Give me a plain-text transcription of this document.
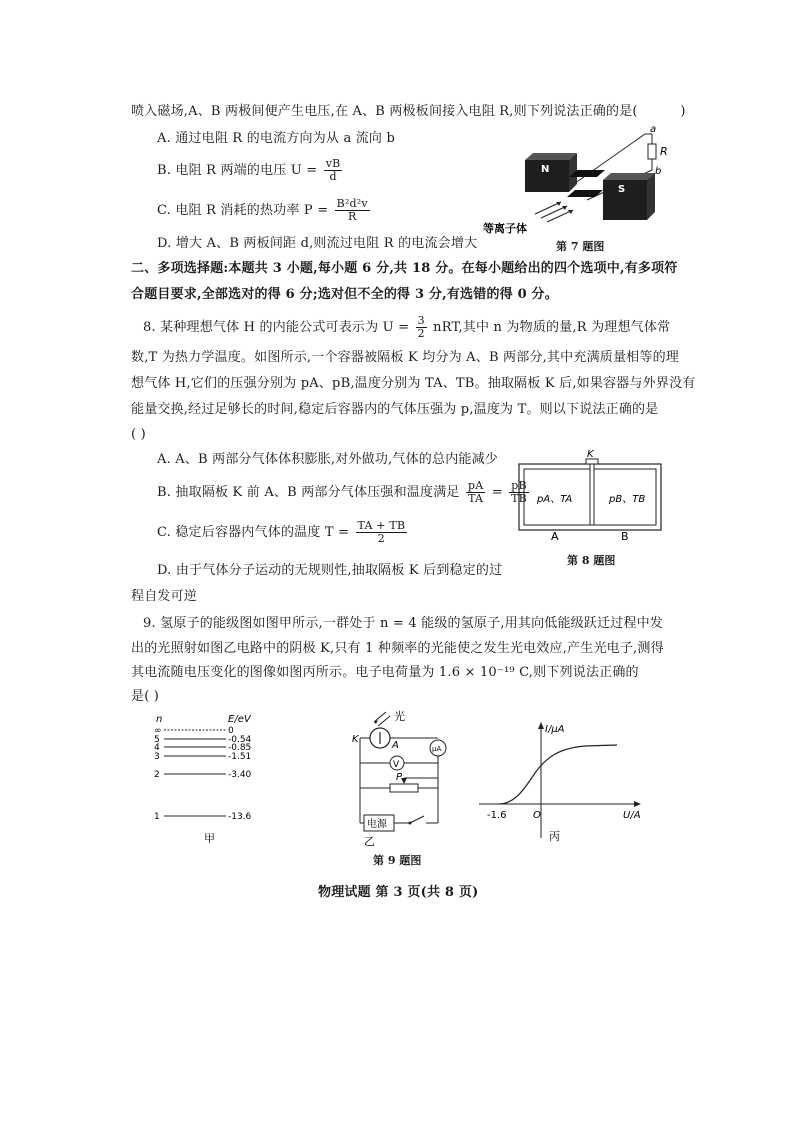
喷入磁场,A、B 两极间便产生电压,在 A、B 两极板间接入电阻 R,则下列说法正确的是(	)
A. 通过电阻 R 的电流方向为从 a 流向 b
B. 电阻 R 两端的电压 $U = \frac{vB}{d}$
C. 电阻 R 消耗的热功率 $P = \frac{\text{B²d²v}}{R}$
D. 增大 A、B 两板间距 d,则流过电阻 R 的电流会增大
a
R
b
N
S
等离子体
第 7 题图
二、多项选择题:本题共 3 小题,每小题 6 分,共 18 分。在每小题给出的四个选项中,有多项符
合题目要求,全部选对的得 6 分;选对但不全的得 3 分,有选错的得 0 分。
8. 某种理想气体 H 的内能公式可表示为 $U = \frac{3}{2}$ nRT,其中 n 为物质的量,R 为理想气体常
数,T 为热力学温度。如图所示,一个容器被隔板 K 均分为 A、B 两部分,其中充满质量相等的理
想气体 H,它们的压强分别为 pA、pB,温度分别为 TA、TB。抽取隔板 K 后,如果容器与外界没有
能量交换,经过足够长的时间,稳定后容器内的气体压强为 p,温度为 T。则以下说法正确的是
( )
A. A、B 两部分气体体积膨胀,对外做功,气体的总内能减少
B. 抽取隔板 K 前 A、B 两部分气体压强和温度满足 $\frac{pA}{TA} = \frac{pB}{TB}$
C. 稳定后容器内气体的温度 $T = \frac{TA + TB}{2}$
D. 由于气体分子运动的无规则性,抽取隔板 K 后到稳定的过
程自发可逆
K
pA、TA	pB、TB
A	B
第 8 题图
9. 氢原子的能级图如图甲所示,一群处于 n = 4 能级的氢原子,用其向低能级跃迁过程中发
出的光照射如图乙电路中的阴极 K,只有 1 种频率的光能使之发生光电效应,产生光电子,测得
其电流随电压变化的图像如图丙所示。电子电荷量为 1.6 × 10⁻¹⁹ C,则下列说法正确的
是( )
n	E/eV
∞	0
5	-0.54
4	-0.85
3	-1.51
2	-3.40
1	-13.6
甲
光
K
A	μA
V
P
电源
乙
I/μA
U/A
-1.6	O
丙
第 9 题图
物理试题 第 3 页(共 8 页)
